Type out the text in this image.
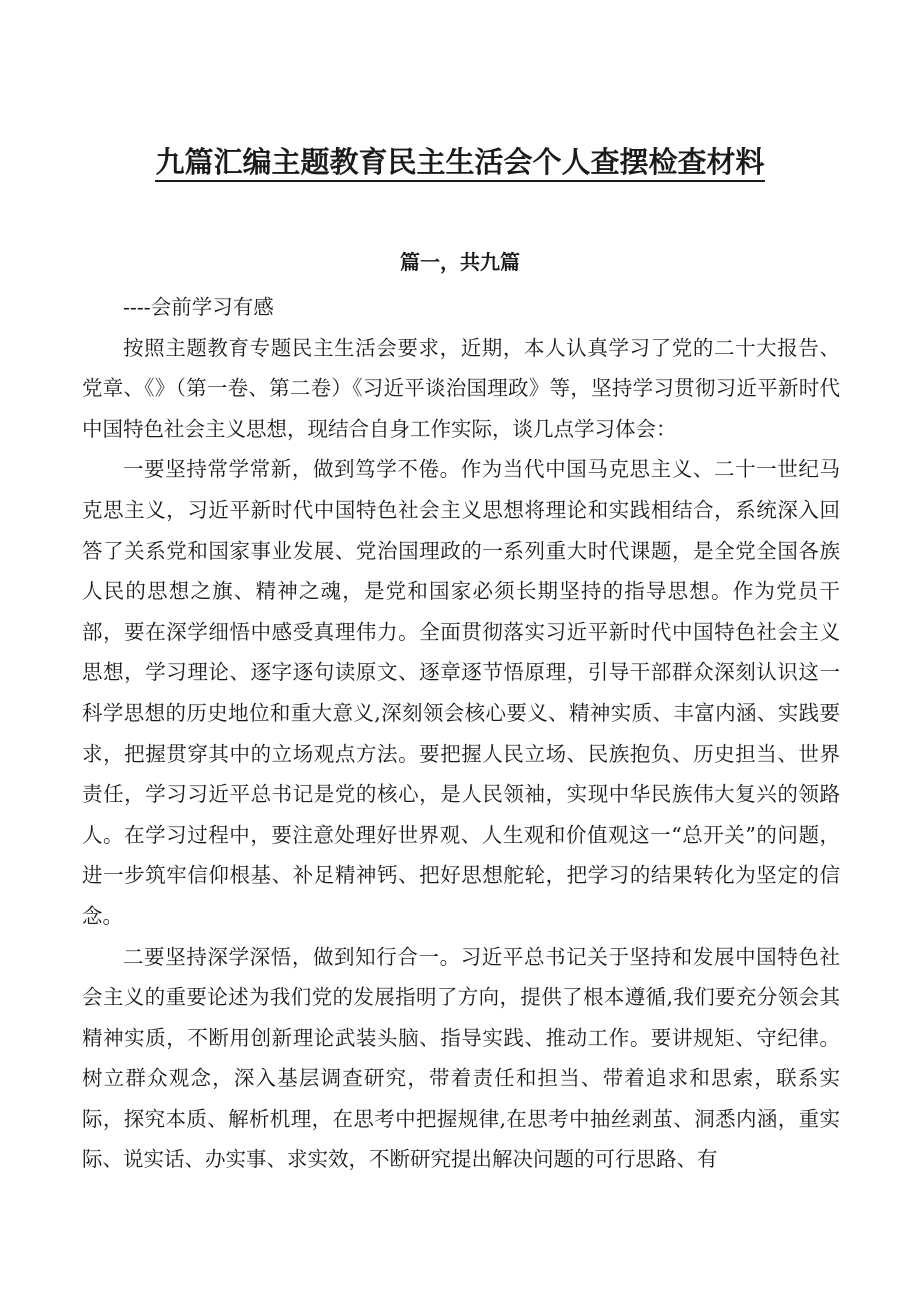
九篇汇编主题教育民主生活会个人查摆检查材料
篇一，共九篇

----会前学习有感

按照主题教育专题民主生活会要求，近期，本人认真学习了党的二十大报告、党章、《》（第一卷、第二卷）《习近平谈治国理政》等，坚持学习贯彻习近平新时代中国特色社会主义思想，现结合自身工作实际，谈几点学习体会：

一要坚持常学常新，做到笃学不倦。作为当代中国马克思主义、二十一世纪马克思主义，习近平新时代中国特色社会主义思想将理论和实践相结合，系统深入回答了关系党和国家事业发展、党治国理政的一系列重大时代课题，是全党全国各族人民的思想之旗、精神之魂，是党和国家必须长期坚持的指导思想。作为党员干部，要在深学细悟中感受真理伟力。全面贯彻落实习近平新时代中国特色社会主义思想，学习理论、逐字逐句读原文、逐章逐节悟原理，引导干部群众深刻认识这一科学思想的历史地位和重大意义,深刻领会核心要义、精神实质、丰富内涵、实践要求，把握贯穿其中的立场观点方法。要把握人民立场、民族抱负、历史担当、世界责任，学习习近平总书记是党的核心，是人民领袖，实现中华民族伟大复兴的领路人。在学习过程中，要注意处理好世界观、人生观和价值观这一“总开关”的问题，进一步筑牢信仰根基、补足精神钙、把好思想舵轮，把学习的结果转化为坚定的信念。

二要坚持深学深悟，做到知行合一。习近平总书记关于坚持和发展中国特色社会主义的重要论述为我们党的发展指明了方向，提供了根本遵循,我们要充分领会其精神实质，不断用创新理论武装头脑、指导实践、推动工作。要讲规矩、守纪律。树立群众观念，深入基层调查研究，带着责任和担当、带着追求和思索，联系实际，探究本质、解析机理，在思考中把握规律,在思考中抽丝剥茧、洞悉内涵，重实际、说实话、办实事、求实效，不断研究提出解决问题的可行思路、有
